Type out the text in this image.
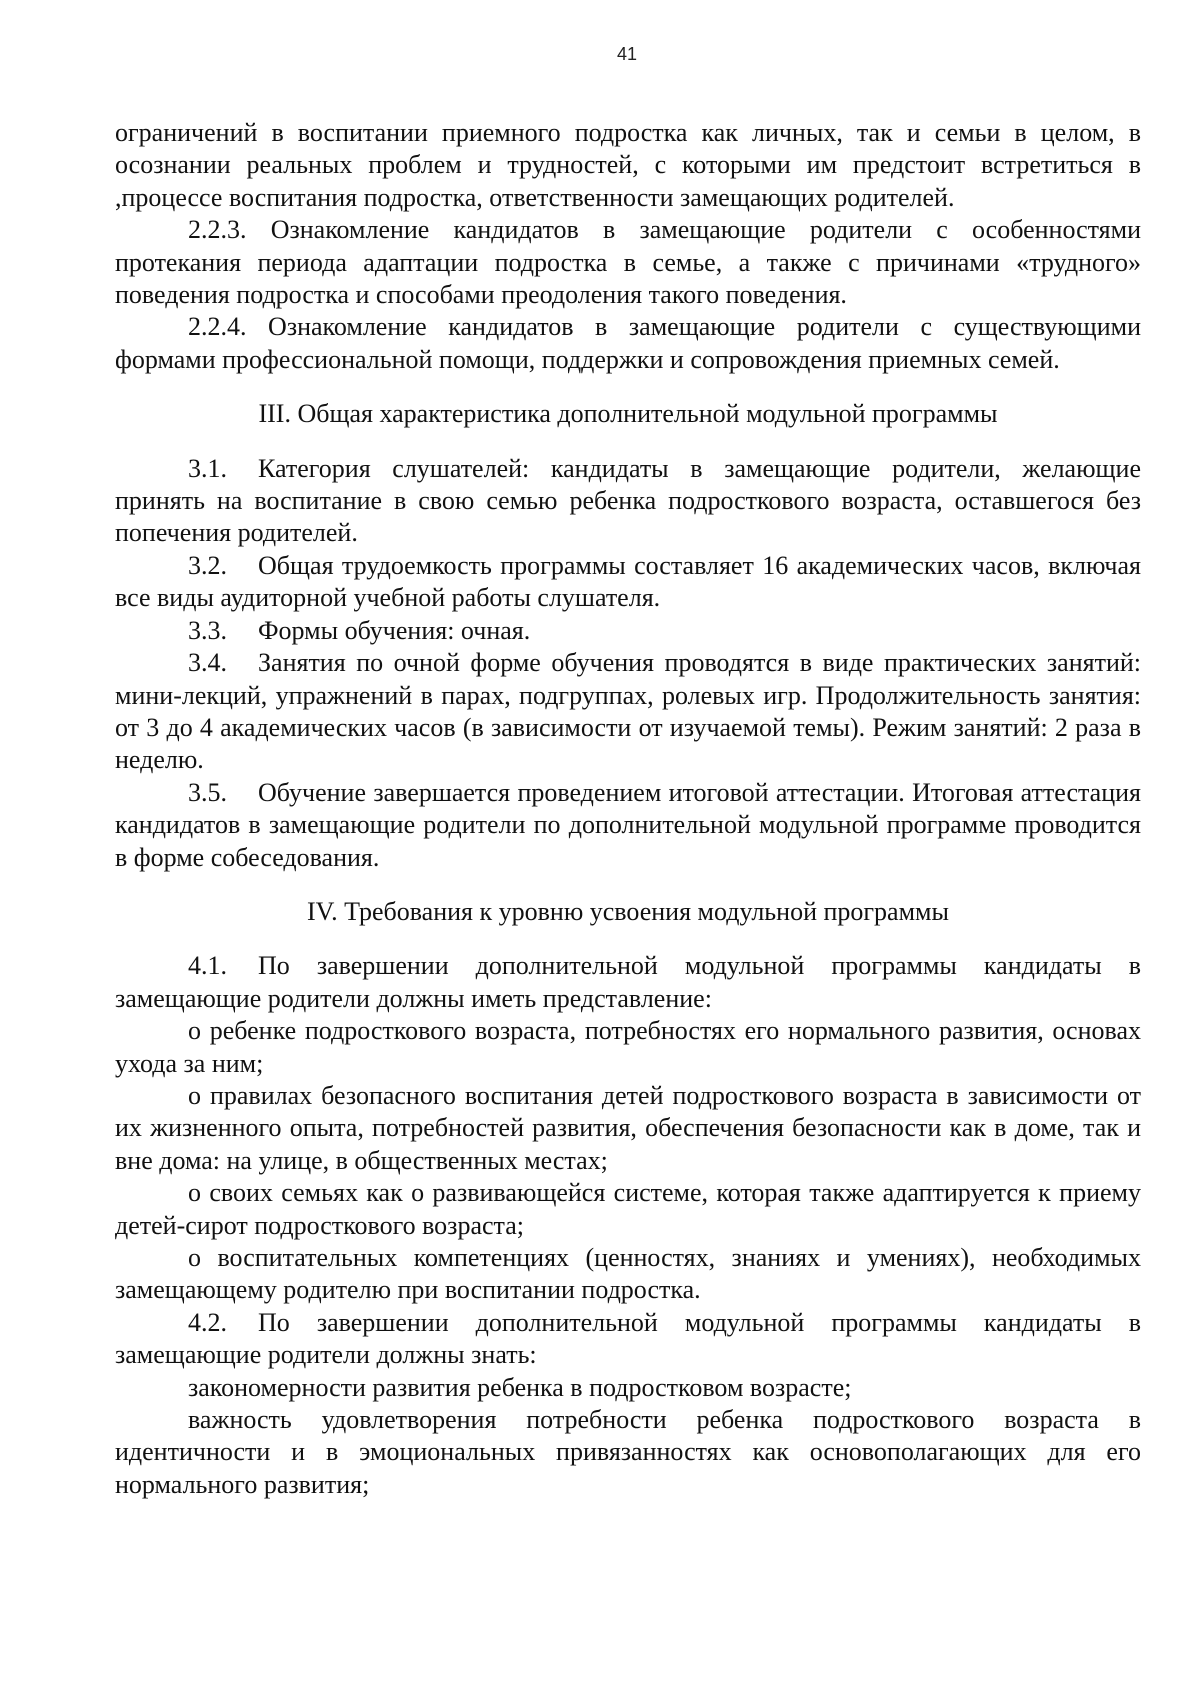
41

ограничений в воспитании приемного подростка как личных, так и семьи в целом, в осознании реальных проблем и трудностей, с которыми им предстоит встретиться в ,процессе воспитания подростка, ответственности замещающих родителей.

2.2.3. Ознакомление кандидатов в замещающие родители с особенностями протекания периода адаптации подростка в семье, а также с причинами «трудного» поведения подростка и способами преодоления такого поведения.

2.2.4. Ознакомление кандидатов в замещающие родители с существующими формами профессиональной помощи, поддержки и сопровождения приемных семей.

III. Общая характеристика дополнительной модульной программы

3.1. Категория слушателей: кандидаты в замещающие родители, желающие принять на воспитание в свою семью ребенка подросткового возраста, оставшегося без попечения родителей.

3.2. Общая трудоемкость программы составляет 16 академических часов, включая все виды аудиторной учебной работы слушателя.

3.3. Формы обучения: очная.

3.4. Занятия по очной форме обучения проводятся в виде практических занятий: мини-лекций, упражнений в парах, подгруппах, ролевых игр. Продолжительность занятия: от 3 до 4 академических часов (в зависимости от изучаемой темы). Режим занятий: 2 раза в неделю.

3.5. Обучение завершается проведением итоговой аттестации. Итоговая аттестация кандидатов в замещающие родители по дополнительной модульной программе проводится в форме собеседования.

IV. Требования к уровню усвоения модульной программы

4.1. По завершении дополнительной модульной программы кандидаты в замещающие родители должны иметь представление:

о ребенке подросткового возраста, потребностях его нормального развития, основах ухода за ним;

о правилах безопасного воспитания детей подросткового возраста в зависимости от их жизненного опыта, потребностей развития, обеспечения безопасности как в доме, так и вне дома: на улице, в общественных местах;

о своих семьях как о развивающейся системе, которая также адаптируется к приему детей-сирот подросткового возраста;

о воспитательных компетенциях (ценностях, знаниях и умениях), необходимых замещающему родителю при воспитании подростка.

4.2. По завершении дополнительной модульной программы кандидаты в замещающие родители должны знать:

закономерности развития ребенка в подростковом возрасте;

важность удовлетворения потребности ребенка подросткового возраста в идентичности и в эмоциональных привязанностях как основополагающих для его нормального развития;
